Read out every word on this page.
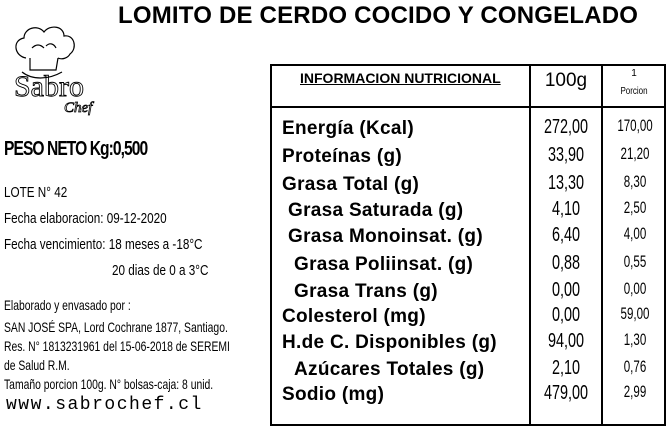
LOMITO DE CERDO COCIDO Y CONGELADO
Sabro
Chef
PESO NETO Kg:0,500
LOTE N° 42
Fecha elaboracion: 09-12-2020
Fecha vencimiento: 18 meses a -18°C
20 dias de 0 a 3°C
Elaborado y envasado por :
SAN JOSÉ SPA, Lord Cochrane 1877, Santiago.
Res. N° 1813231961 del 15-06-2018 de SEREMI
de Salud R.M.
Tamaño porcion 100g. N° bolsas-caja: 8 unid.
www.sabrochef.cl
INFORMACION NUTRICIONAL	100g	1
Porcion
Energía (Kcal)	272,00	170,00
Proteínas (g)	33,90	21,20
Grasa Total (g)	13,30	8,30
Grasa Saturada (g)	4,10	2,50
Grasa Monoinsat. (g)	6,40	4,00
Grasa Poliinsat. (g)	0,88	0,55
Grasa Trans (g)	0,00	0,00
Colesterol (mg)	0,00	59,00
H.de C. Disponibles (g)	94,00	1,30
Azúcares Totales (g)	2,10	0,76
Sodio (mg)	479,00	2,99
